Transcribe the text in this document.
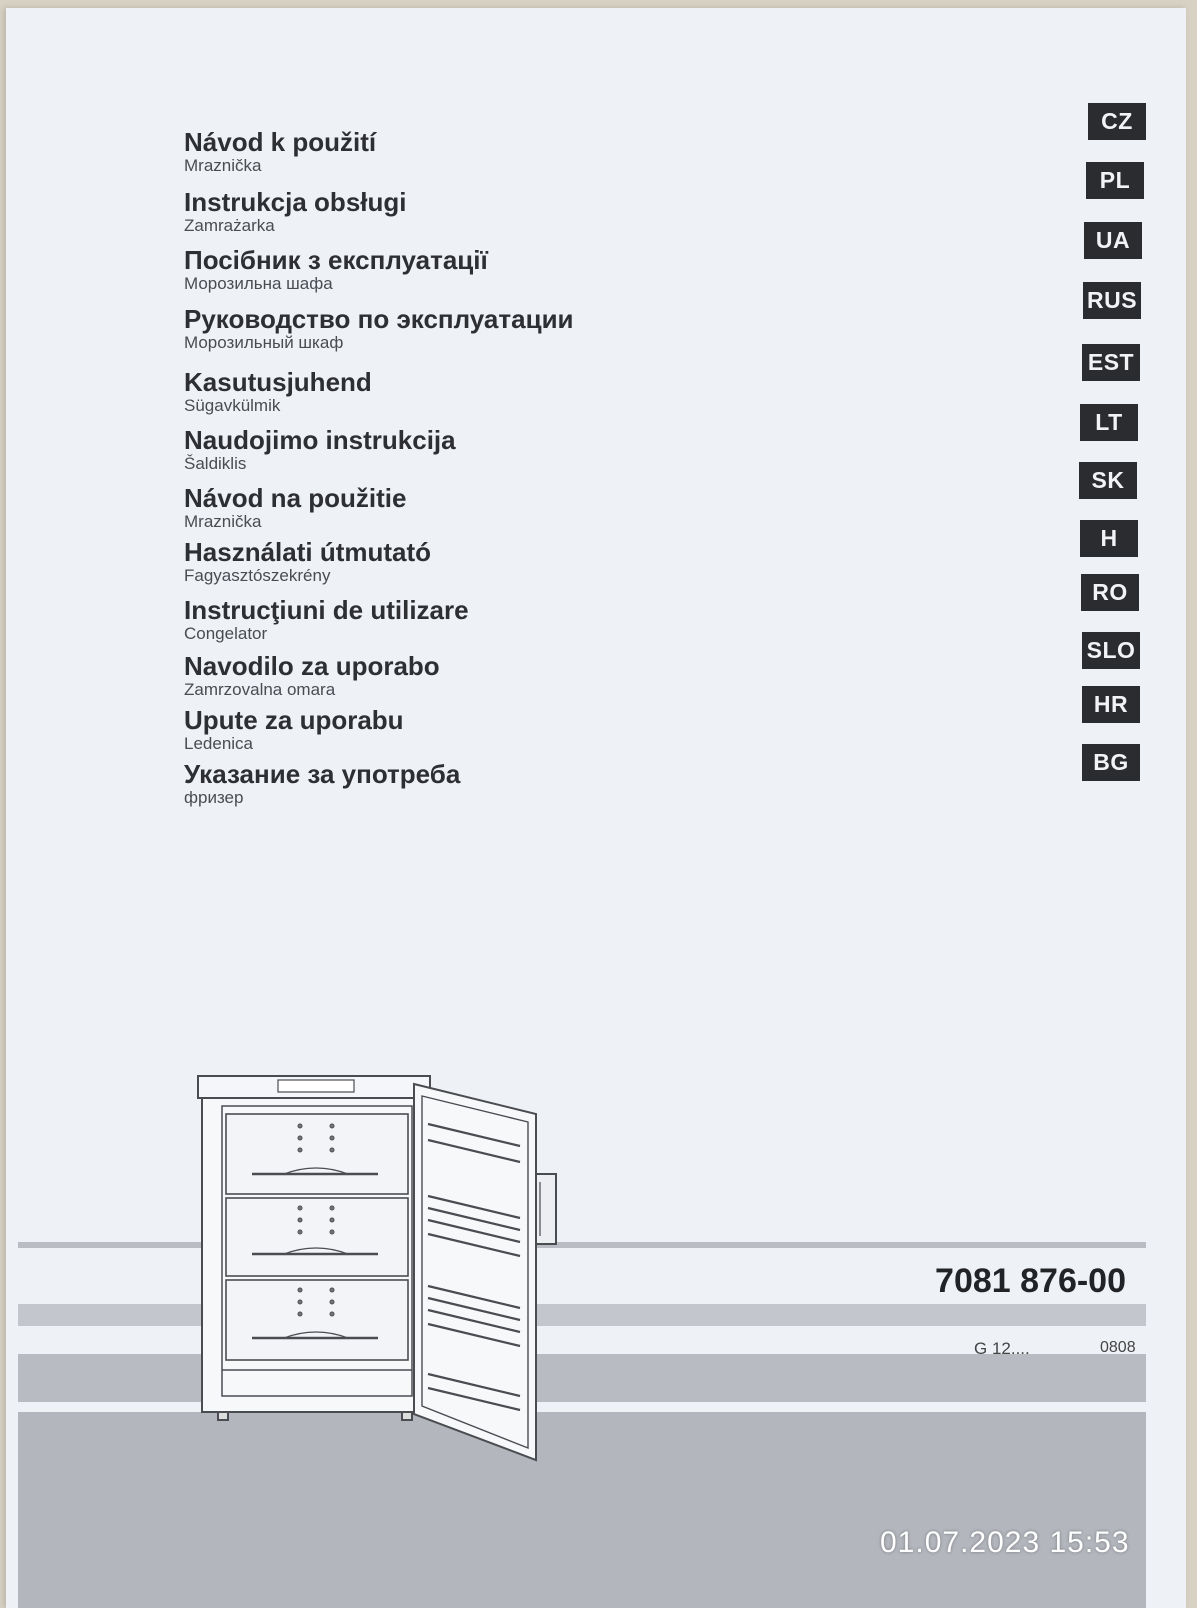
Návod k použití
Mraznička
Instrukcja obsługi
Zamrażarka
Посібник з експлуатації
Морозильна шафа
Руководство по эксплуатации
Морозильный шкаф
Kasutusjuhend
Sügavkülmik
Naudojimo instrukcija
Šaldiklis
Návod na použitie
Mraznička
Használati útmutató
Fagyasztószekrény
Instrucţiuni de utilizare
Congelator
Navodilo za uporabo
Zamrzovalna omara
Upute za uporabu
Ledenica
Указание за употреба
фризер
CZ
PL
UA
RUS
EST
LT
SK
H
RO
SLO
HR
BG
7081 876-00
G 12....	0808
01.07.2023 15:53
